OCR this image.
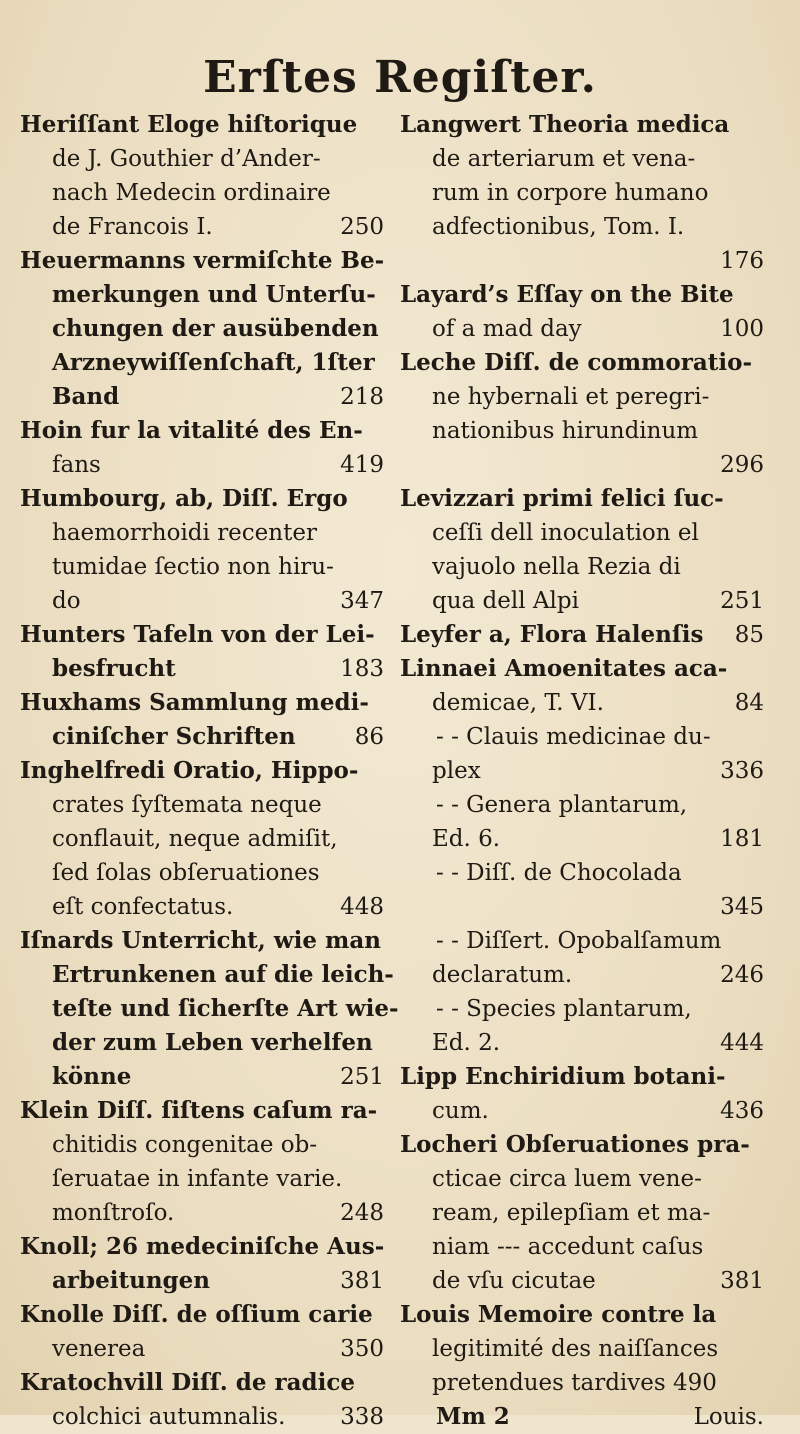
Erſtes Regiſter.
Heriſſant Eloge hiſtorique
de J. Gouthier d’Ander-
nach Medecin ordinaire
de Francois I.	250
Heuermanns vermiſchte Be-
merkungen und Unterſu-
chungen der ausübenden
Arzneywiſſenſchaft, 1ſter
Band	218
Hoin fur la vitalité des En-
fans	419
Humbourg, ab, Diſſ. Ergo
haemorrhoidi recenter
tumidae ſectio non hiru-
do	347
Hunters Tafeln von der Lei-
besfrucht	183
Huxhams Sammlung medi-
ciniſcher Schriften	86
Inghelfredi Oratio, Hippo-
crates ſyſtemata neque
conflauit, neque admiſit,
ſed ſolas obſeruationes
eſt confectatus.	448
Iſnards Unterricht, wie man
Ertrunkenen auf die leich-
teſte und ſicherſte Art wie-
der zum Leben verhelfen
könne	251
Klein Diſſ. ſiſtens caſum ra-
chitidis congenitae ob-
ſeruatae in infante varie.
monſtroſo.	248
Knoll; 26 medeciniſche Aus-
arbeitungen	381
Knolle Diſſ. de oſſium carie
venerea	350
Kratochvill Diſſ. de radice
colchici autumnalis. 338
Langwert Theoria medica
de arteriarum et vena-
rum in corpore humano
adfectionibus, Tom. I.
176
Layard’s Eſſay on the Bite
of a mad day	100
Leche Diſſ. de commoratio-
ne hybernali et peregri-
nationibus hirundinum
296
Levizzari primi felici ſuc-
ceſſi dell inoculation el
vajuolo nella Rezia di
qua dell Alpi	251
Leyfer a, Flora Halenſis 85
Linnaei Amoenitates aca-
demicae, T. VI.	84
- - Clauis medicinae du-
plex	336
- - Genera plantarum,
Ed. 6.	181
- - Diſſ. de Chocolada
345
- - Diſſert. Opobalſamum
declaratum.	246
- - Species plantarum,
Ed. 2.	444
Lipp Enchiridium botani-
cum.	436
Locheri Obſeruationes pra-
cticae circa luem vene-
ream, epilepſiam et ma-
niam --- accedunt caſus
de vſu cicutae	381
Louis Memoire contre la
legitimité des naiſſances
pretendues tardives 490
Mm 2	Louis.
